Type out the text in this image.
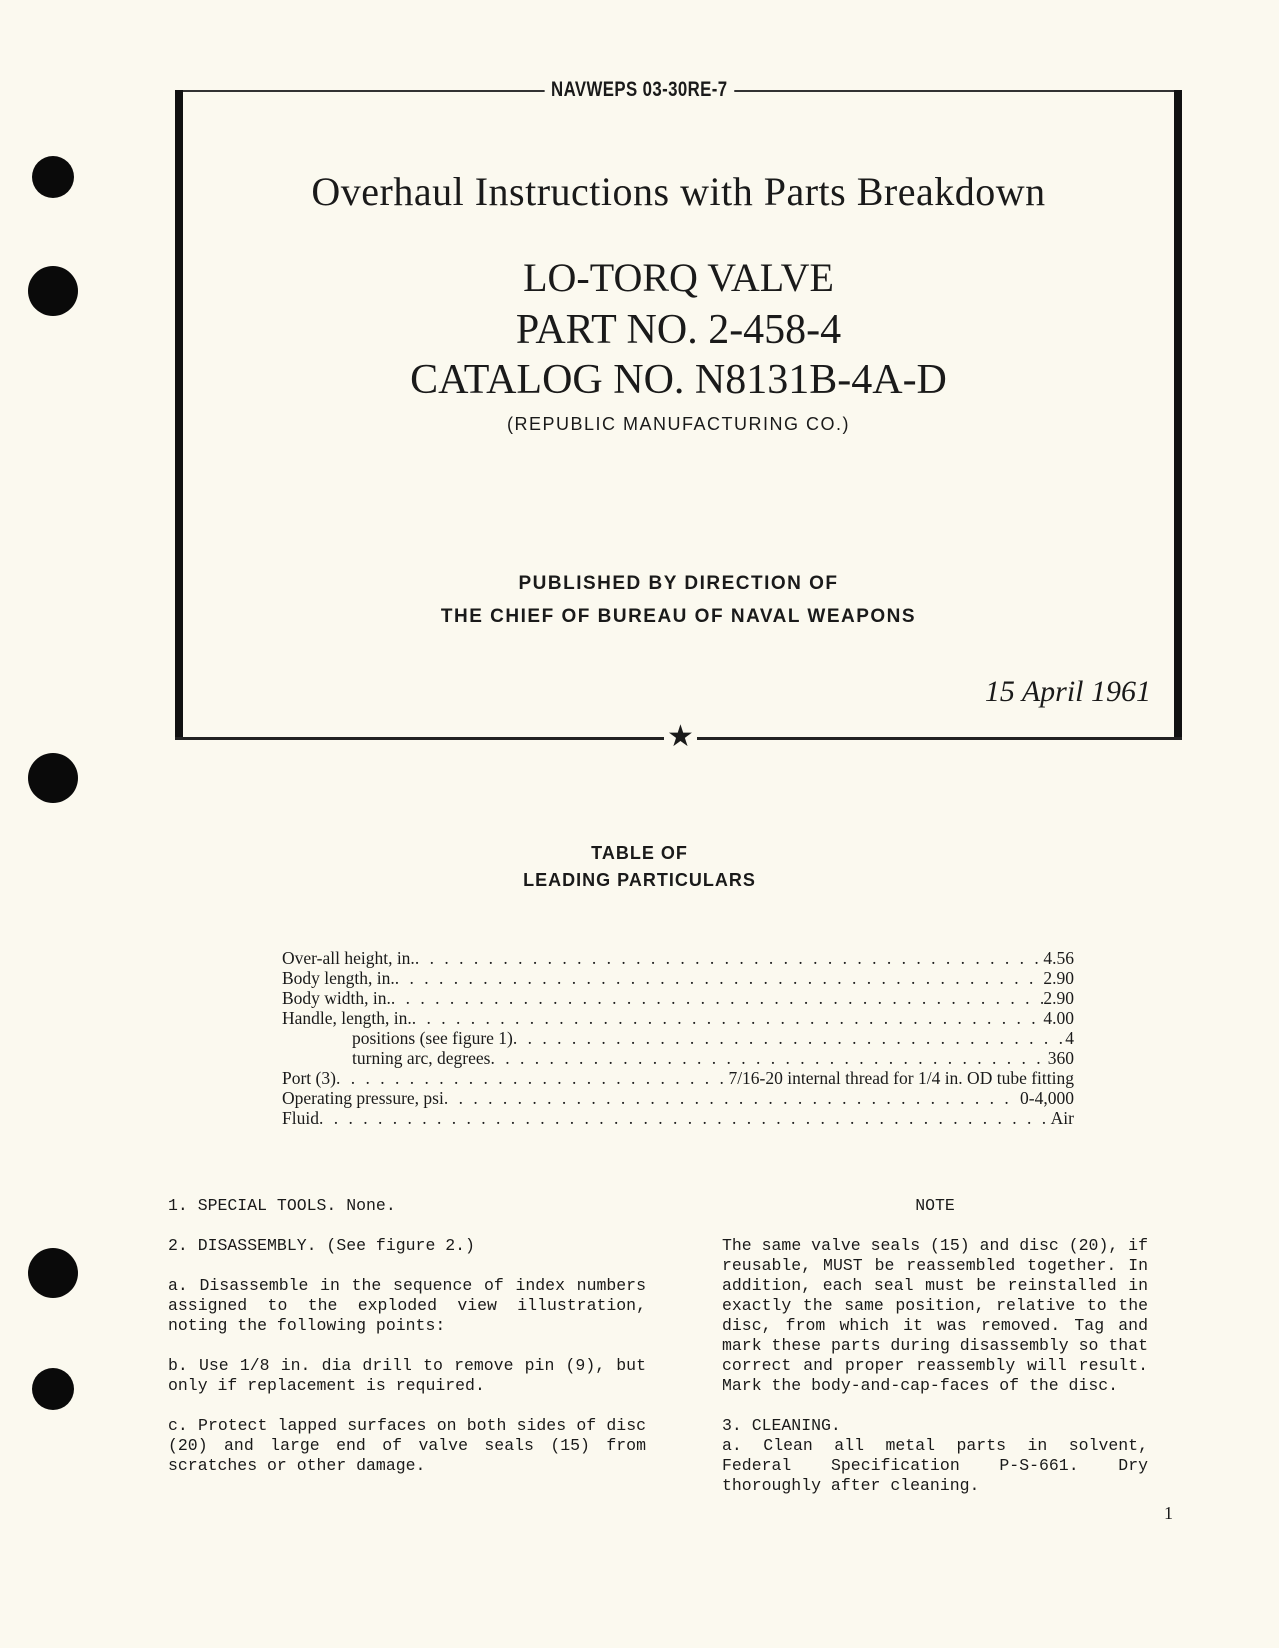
NAVWEPS 03-30RE-7
★
Overhaul Instructions with Parts Breakdown
LO-TORQ VALVE
PART NO. 2-458-4
CATALOG NO. N8131B-4A-D
(REPUBLIC MANUFACTURING CO.)
PUBLISHED BY DIRECTION OF
THE CHIEF OF BUREAU OF NAVAL WEAPONS
15 April 1961
TABLE OF
LEADING PARTICULARS
Over-all height, in. . . .	4.56
Body length, in. . . .	2.90
Body width, in. . . .	2.90
Handle, length, in. . . .	4.00
positions (see figure 1) . . .	4
turning arc, degrees . . .	360
Port (3) . . .	7/16-20 internal thread for 1/4 in. OD tube fitting
Operating pressure, psi . . .	0-4,000
Fluid . . .	Air

1. SPECIAL TOOLS. None.

2. DISASSEMBLY. (See figure 2.)

a. Disassemble in the sequence of index numbers assigned to the exploded view illustration, noting the following points:

b. Use 1/8 in. dia drill to remove pin (9), but only if replacement is required.

c. Protect lapped surfaces on both sides of disc (20) and large end of valve seals (15) from scratches or other damage.

NOTE

The same valve seals (15) and disc (20), if reusable, MUST be reassembled together. In addition, each seal must be reinstalled in exactly the same position, relative to the disc, from which it was removed. Tag and mark these parts during disassembly so that correct and proper reassembly will result. Mark the body-and-cap-faces of the disc.

3. CLEANING.

a. Clean all metal parts in solvent, Federal Specification P-S-661. Dry thoroughly after cleaning.

1
